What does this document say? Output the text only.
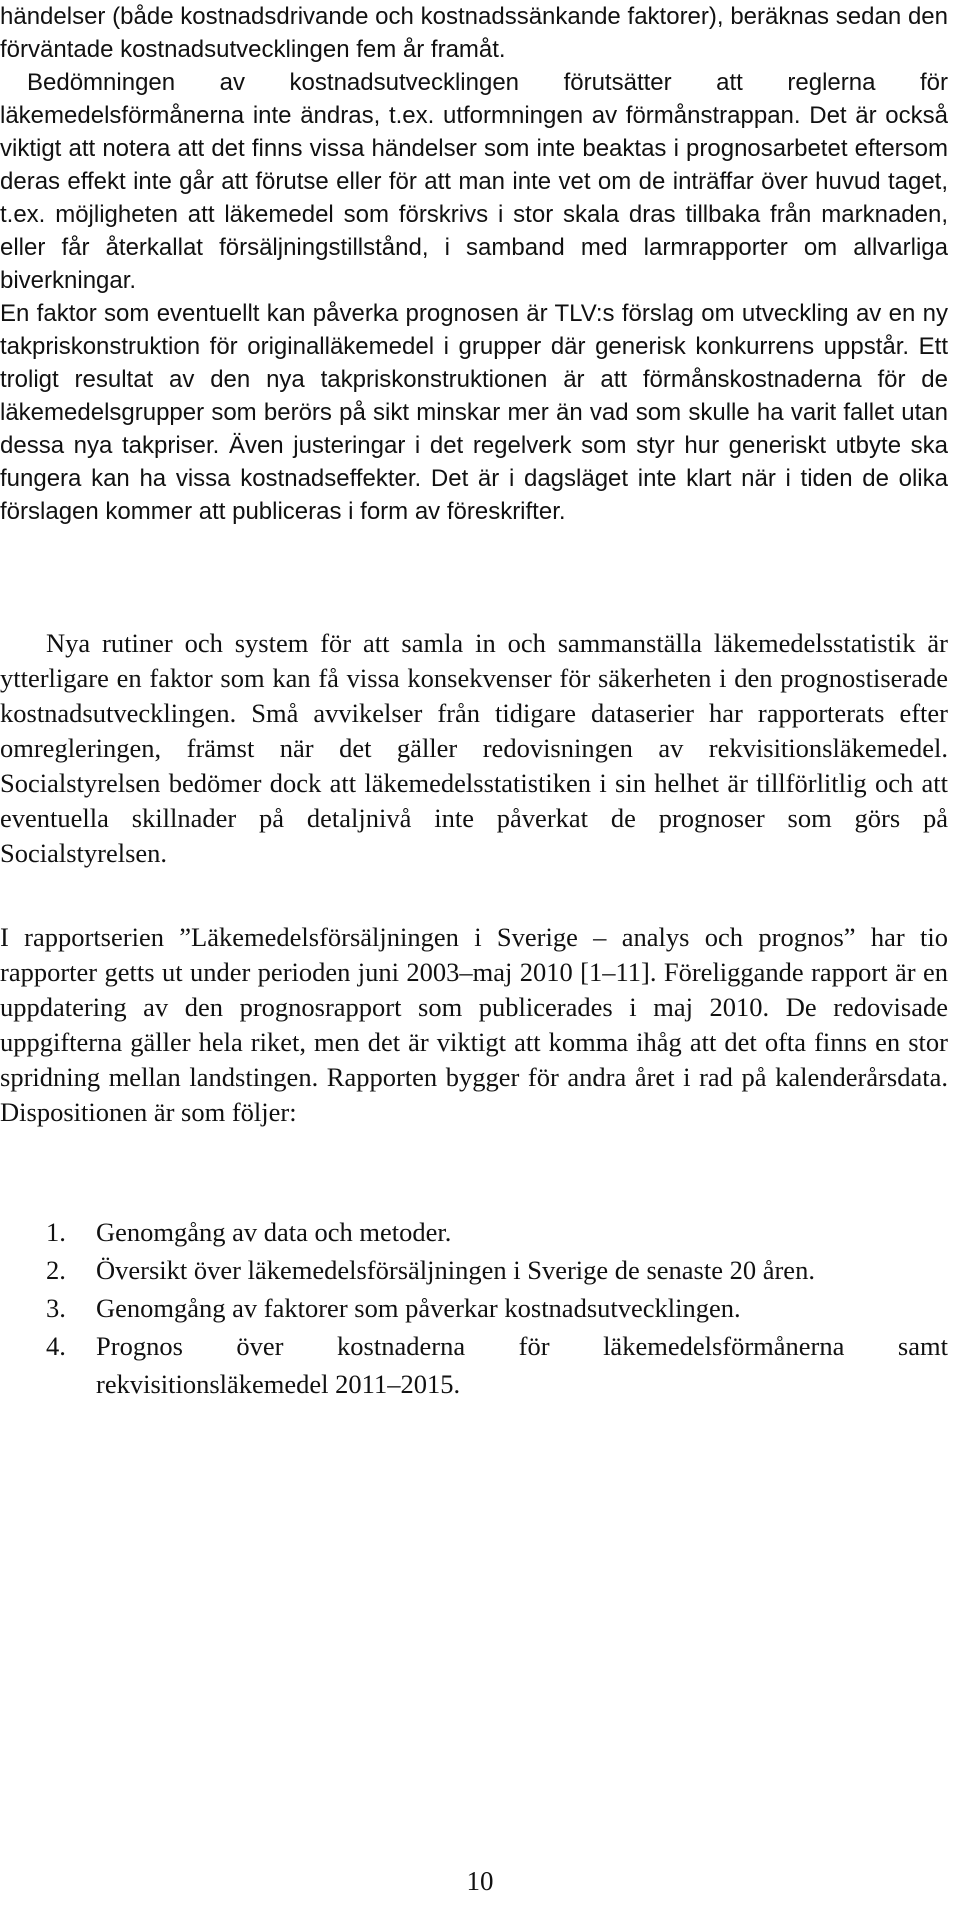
händelser (både kostnadsdrivande och kostnadssänkande faktorer), beräknas sedan den förväntade kostnadsutvecklingen fem år framåt.

Bedömningen av kostnadsutvecklingen förutsätter att reglerna för läkemedelsförmånerna inte ändras, t.ex. utformningen av förmånstrappan. Det är också viktigt att notera att det finns vissa händelser som inte beaktas i prognosarbetet eftersom deras effekt inte går att förutse eller för att man inte vet om de inträffar över huvud taget, t.ex. möjligheten att läkemedel som förskrivs i stor skala dras tillbaka från marknaden, eller får återkallat försäljningstillstånd, i samband med larmrapporter om allvarliga biverkningar.

En faktor som eventuellt kan påverka prognosen är TLV:s förslag om utveckling av en ny takpriskonstruktion för originalläkemedel i grupper där generisk konkurrens uppstår. Ett troligt resultat av den nya takpriskonstruktionen är att förmånskostnaderna för de läkemedelsgrupper som berörs på sikt minskar mer än vad som skulle ha varit fallet utan dessa nya takpriser. Även justeringar i det regelverk som styr hur generiskt utbyte ska fungera kan ha vissa kostnadseffekter. Det är i dagsläget inte klart när i tiden de olika förslagen kommer att publiceras i form av föreskrifter.

Nya rutiner och system för att samla in och sammanställa läkemedelsstatistik är ytterligare en faktor som kan få vissa konsekvenser för säkerheten i den prognostiserade kostnadsutvecklingen. Små avvikelser från tidigare dataserier har rapporterats efter omregleringen, främst när det gäller redovisningen av rekvisitionsläkemedel. Socialstyrelsen bedömer dock att läkemedelsstatistiken i sin helhet är tillförlitlig och att eventuella skillnader på detaljnivå inte påverkat de prognoser som görs på Socialstyrelsen.

I rapportserien ”Läkemedelsförsäljningen i Sverige – analys och prognos” har tio rapporter getts ut under perioden juni 2003–maj 2010 [1–11]. Föreliggande rapport är en uppdatering av den prognosrapport som publicerades i maj 2010. De redovisade uppgifterna gäller hela riket, men det är viktigt att komma ihåg att det ofta finns en stor spridning mellan landstingen. Rapporten bygger för andra året i rad på kalenderårsdata. Dispositionen är som följer:

1. Genomgång av data och metoder.
2. Översikt över läkemedelsförsäljningen i Sverige de senaste 20 åren.
3. Genomgång av faktorer som påverkar kostnadsutvecklingen.
4. Prognos över kostnaderna för läkemedelsförmånerna samt rekvisitionsläkemedel 2011–2015.
10
